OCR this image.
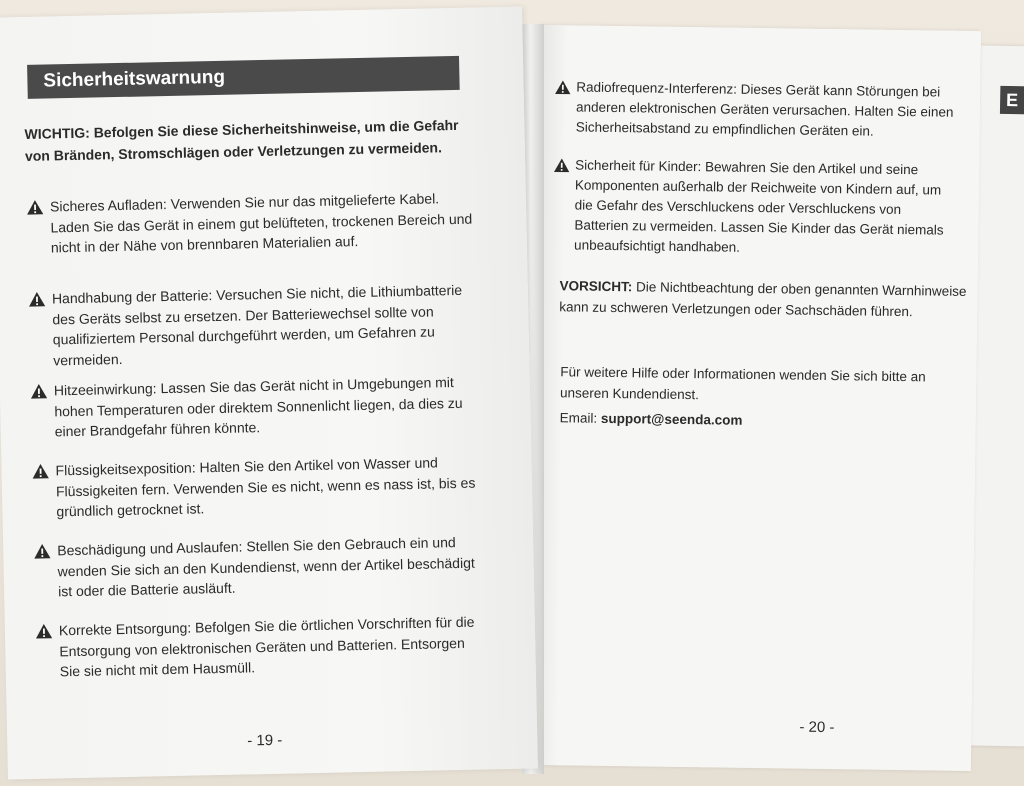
E
Radiofrequenz-Interferenz: Dieses Gerät kann Störungen bei anderen elektronischen Geräten verursachen. Halten Sie einen Sicherheitsabstand zu empfindlichen Geräten ein.
Sicherheit für Kinder: Bewahren Sie den Artikel und seine Komponenten außerhalb der Reichweite von Kindern auf, um die Gefahr des Verschluckens oder Verschluckens von Batterien zu vermeiden. Lassen Sie Kinder das Gerät niemals unbeaufsichtigt handhaben.
VORSICHT: Die Nichtbeachtung der oben genannten Warnhinweise kann zu schweren Verletzungen oder Sachschäden führen.
Für weitere Hilfe oder Informationen wenden Sie sich bitte an unseren Kundendienst.
Email: support@seenda.com
- 20 -
Sicherheitswarnung
WICHTIG: Befolgen Sie diese Sicherheitshinweise, um die Gefahr von Bränden, Stromschlägen oder Verletzungen zu vermeiden.
Sicheres Aufladen: Verwenden Sie nur das mitgelieferte Kabel. Laden Sie das Gerät in einem gut belüfteten, trockenen Bereich und nicht in der Nähe von brennbaren Materialien auf.
Handhabung der Batterie: Versuchen Sie nicht, die Lithiumbatterie des Geräts selbst zu ersetzen. Der Batteriewechsel sollte von qualifiziertem Personal durchgeführt werden, um Gefahren zu vermeiden.
Hitzeeinwirkung: Lassen Sie das Gerät nicht in Umgebungen mit hohen Temperaturen oder direktem Sonnenlicht liegen, da dies zu einer Brandgefahr führen könnte.
Flüssigkeitsexposition: Halten Sie den Artikel von Wasser und Flüssigkeiten fern. Verwenden Sie es nicht, wenn es nass ist, bis es gründlich getrocknet ist.
Beschädigung und Auslaufen: Stellen Sie den Gebrauch ein und wenden Sie sich an den Kundendienst, wenn der Artikel beschädigt ist oder die Batterie ausläuft.
Korrekte Entsorgung: Befolgen Sie die örtlichen Vorschriften für die Entsorgung von elektronischen Geräten und Batterien. Entsorgen Sie sie nicht mit dem Hausmüll.
- 19 -
